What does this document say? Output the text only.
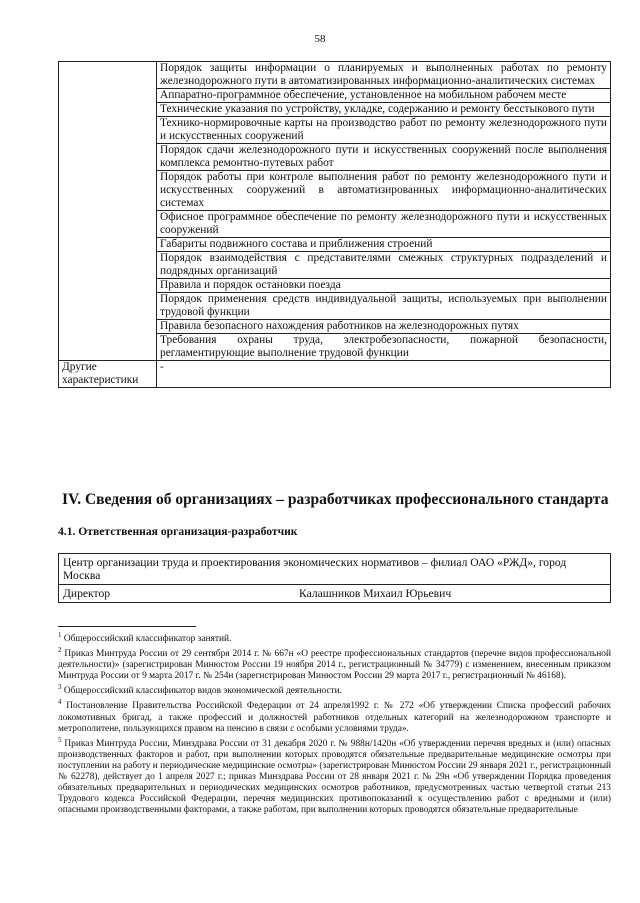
58
	Порядок защиты информации о планируемых и выполненных работах по ремонту железнодорожного пути в автоматизированных информационно-аналитических системах
	Аппаратно-программное обеспечение, установленное на мобильном рабочем месте
	Технические указания по устройству, укладке, содержанию и ремонту бесстыкового пути
	Технико-нормировочные карты на производство работ по ремонту железнодорожного пути и искусственных сооружений
	Порядок сдачи железнодорожного пути и искусственных сооружений после выполнения комплекса ремонтно-путевых работ
	Порядок работы при контроле выполнения работ по ремонту железнодорожного пути и искусственных сооружений в автоматизированных информационно-аналитических системах
	Офисное программное обеспечение по ремонту железнодорожного пути и искусственных сооружений
	Габариты подвижного состава и приближения строений
	Порядок взаимодействия с представителями смежных структурных подразделений и подрядных организаций
	Правила и порядок остановки поезда
	Порядок применения средств индивидуальной защиты, используемых при выполнении трудовой функции
	Правила безопасного нахождения работников на железнодорожных путях
	Требования охраны труда, электробезопасности, пожарной безопасности, регламентирующие выполнение трудовой функции
Другие характеристики	-
IV. Сведения об организациях – разработчиках профессионального стандарта
4.1. Ответственная организация-разработчик
Центр организации труда и проектирования экономических нормативов – филиал ОАО «РЖД», город Москва
Директор	Калашников Михаил Юрьевич

$^1$ Общероссийский классификатор занятий.

$^2$ Приказ Минтруда России от 29 сентября 2014 г. № 667н «О реестре профессиональных стандартов (перечне видов профессиональной деятельности)» (зарегистрирован Минюстом России 19 ноября 2014 г., регистрационный № 34779) с изменением, внесенным приказом Минтруда России от 9 марта 2017 г. № 254н (зарегистрирован Минюстом России 29 марта 2017 г., регистрационный № 46168).

$^3$ Общероссийский классификатор видов экономической деятельности.

$^4$ Постановление Правительства Российской Федерации от 24 апреля1992 г. № 272 «Об утверждении Списка профессий рабочих локомотивных бригад, а также профессий и должностей работников отдельных категорий на железнодорожном транспорте и метрополитене, пользующихся правом на пенсию в связи с особыми условиями труда».

$^5$ Приказ Минтруда России, Минздрава России от 31 декабря 2020 г. № 988н/1420н «Об утверждении перечня вредных и (или) опасных производственных факторов и работ, при выполнении которых проводятся обязательные предварительные медицинские осмотры при поступлении на работу и периодические медицинские осмотры» (зарегистрирован Минюстом России 29 января 2021 г., регистрационный № 62278), действует до 1 апреля 2027 г.; приказ Минздрава России от 28 января 2021 г. № 29н «Об утверждении Порядка проведения обязательных предварительных и периодических медицинских осмотров работников, предусмотренных частью четвертой статьи 213 Трудового кодекса Российской Федерации, перечня медицинских противопоказаний к осуществлению работ с вредными и (или) опасными производственными факторами, а также работам, при выполнении которых проводятся обязательные предварительные
